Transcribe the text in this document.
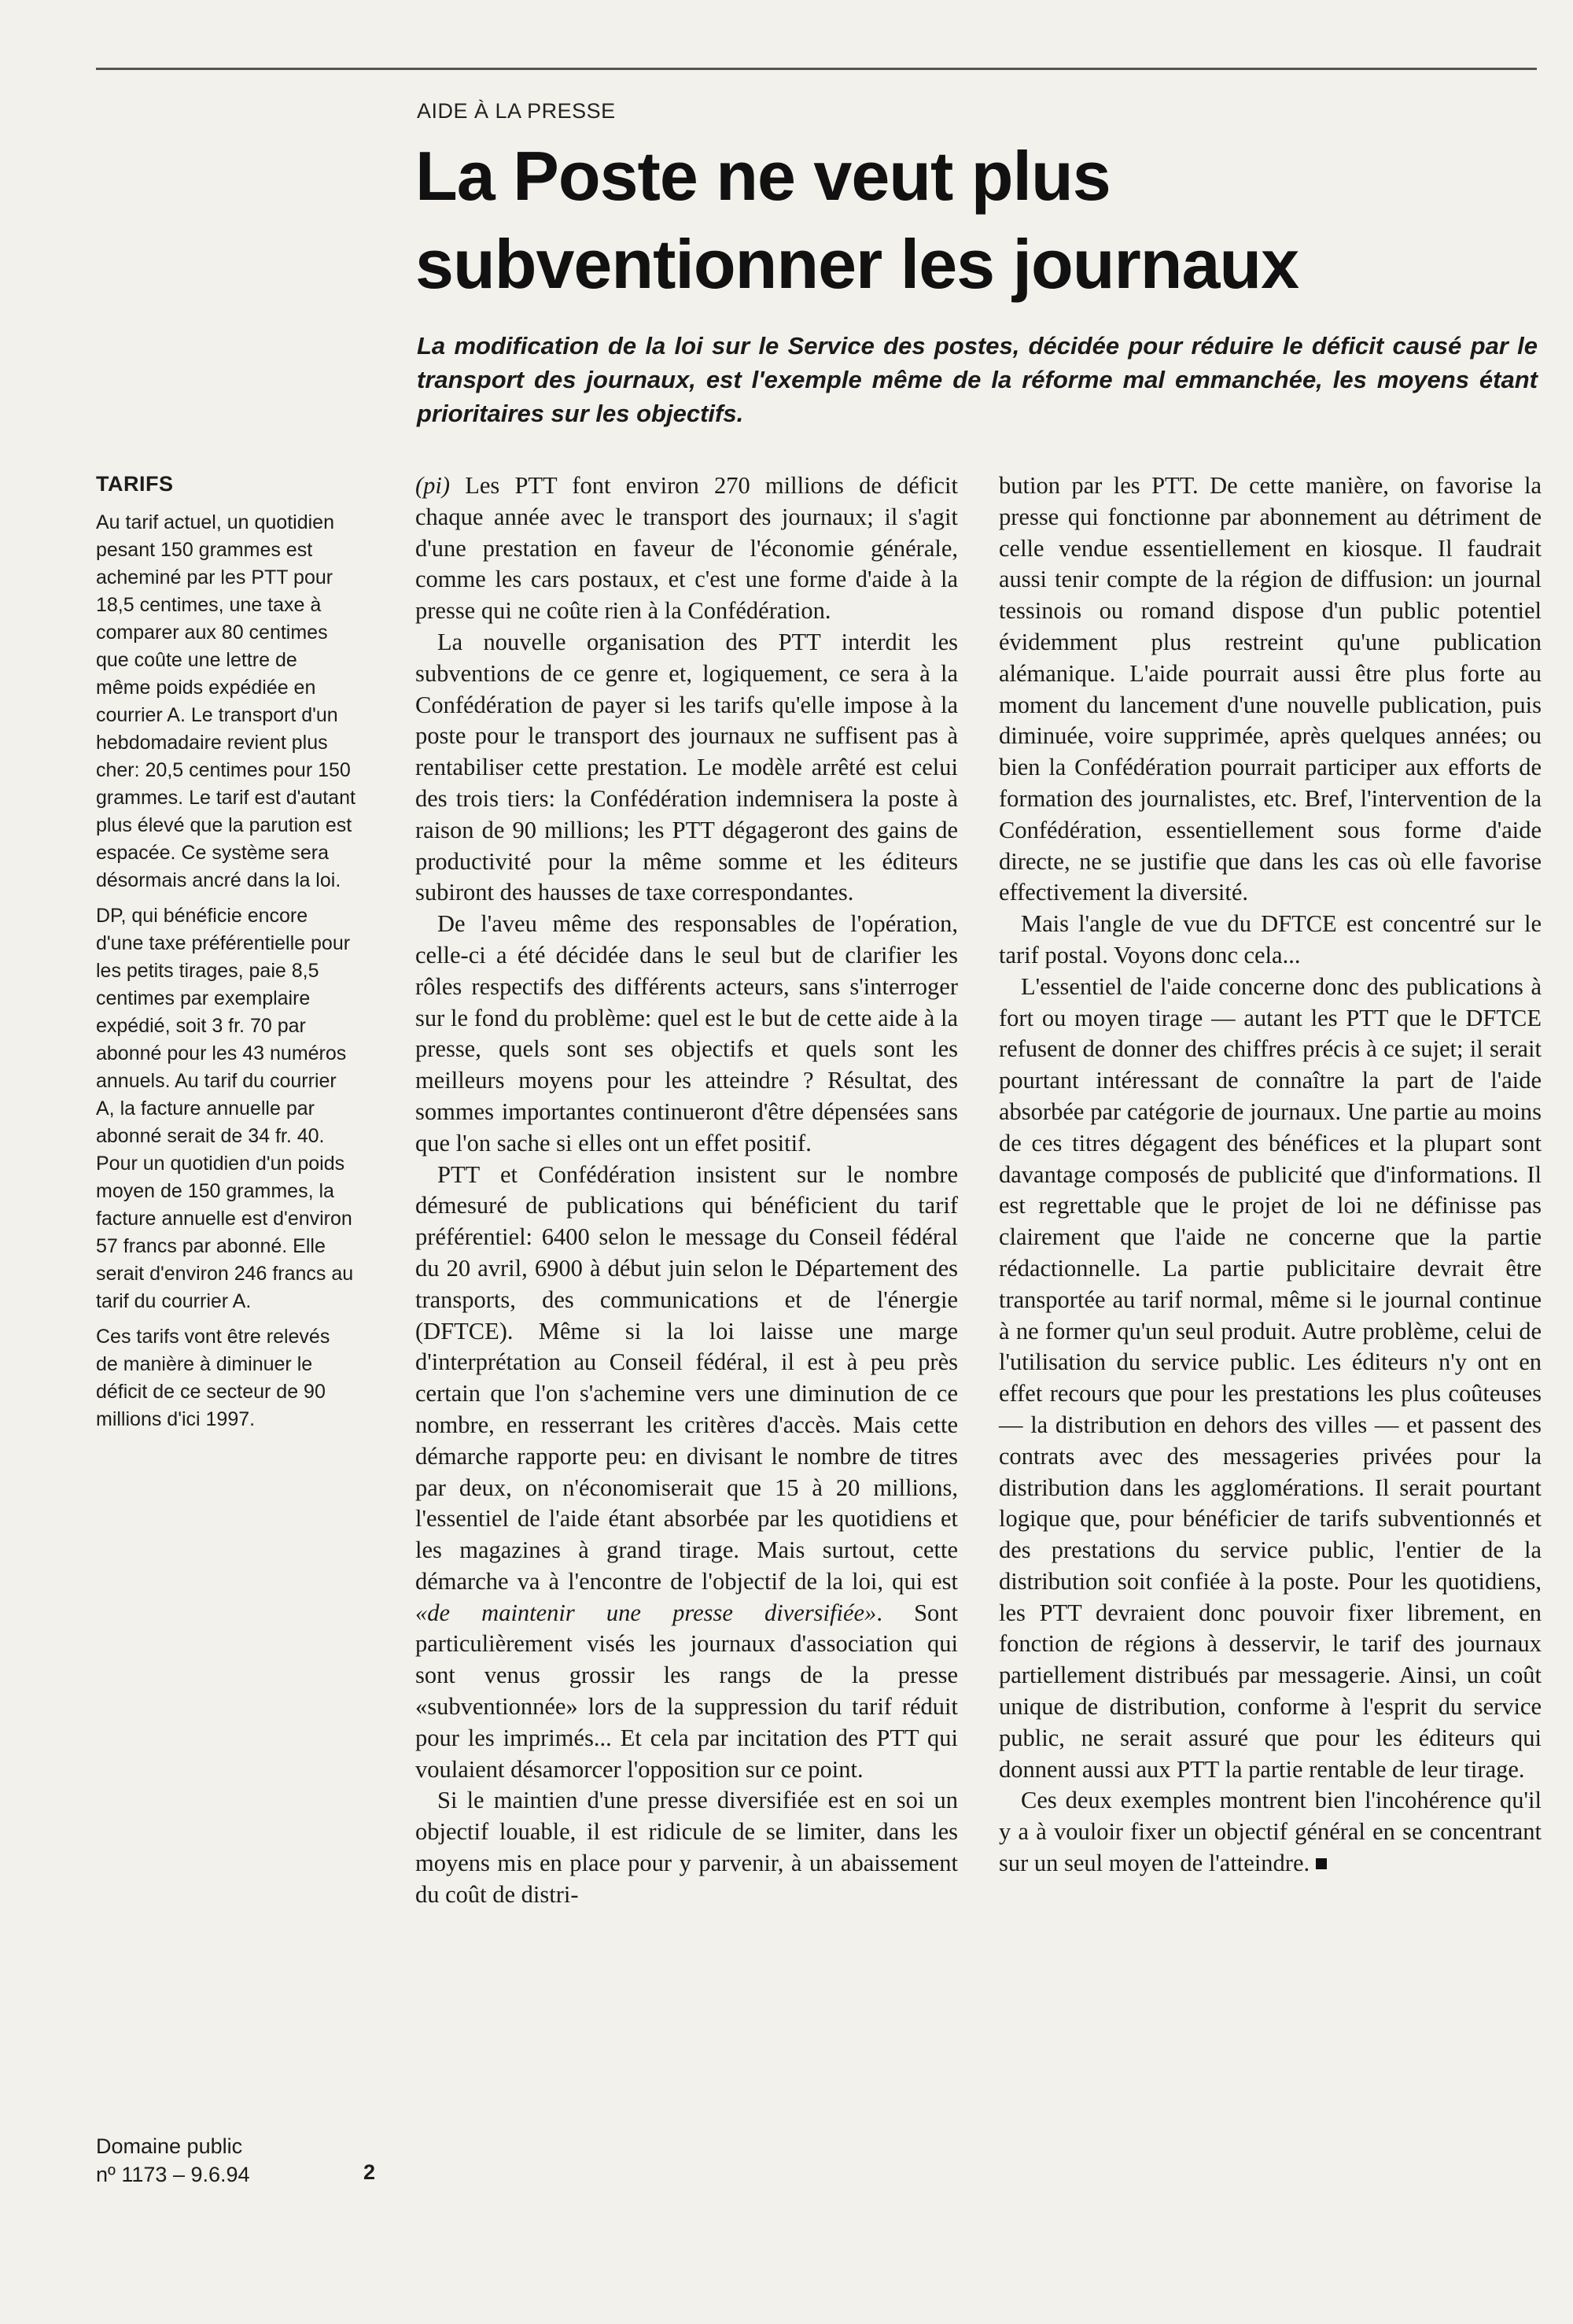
AIDE À LA PRESSE
La Poste ne veut plus
subventionner les journaux

La modification de la loi sur le Service des postes, décidée pour réduire le déficit causé par le transport des journaux, est l'exemple même de la réforme mal emmanchée, les moyens étant prioritaires sur les objectifs.

TARIFS

Au tarif actuel, un quotidien pesant 150 grammes est acheminé par les PTT pour 18,5 centimes, une taxe à comparer aux 80 centimes que coûte une lettre de même poids expédiée en courrier A. Le transport d'un hebdomadaire revient plus cher: 20,5 centimes pour 150 grammes. Le tarif est d'autant plus élevé que la parution est espacée. Ce système sera désormais ancré dans la loi.

DP, qui bénéficie encore d'une taxe préférentielle pour les petits tirages, paie 8,5 centimes par exemplaire expédié, soit 3 fr. 70 par abonné pour les 43 numéros annuels. Au tarif du courrier A, la facture annuelle par abonné serait de 34 fr. 40. Pour un quotidien d'un poids moyen de 150 grammes, la facture annuelle est d'environ 57 francs par abonné. Elle serait d'environ 246 francs au tarif du courrier A.

Ces tarifs vont être relevés de manière à diminuer le déficit de ce secteur de 90 millions d'ici 1997.

(pi) Les PTT font environ 270 millions de déficit chaque année avec le transport des journaux; il s'agit d'une prestation en faveur de l'économie générale, comme les cars postaux, et c'est une forme d'aide à la presse qui ne coûte rien à la Confédération.

La nouvelle organisation des PTT interdit les subventions de ce genre et, logiquement, ce sera à la Confédération de payer si les tarifs qu'elle impose à la poste pour le transport des journaux ne suffisent pas à rentabiliser cette prestation. Le modèle arrêté est celui des trois tiers: la Confédération indemnisera la poste à raison de 90 millions; les PTT dégageront des gains de productivité pour la même somme et les éditeurs subiront des hausses de taxe correspondantes.

De l'aveu même des responsables de l'opération, celle-ci a été décidée dans le seul but de clarifier les rôles respectifs des différents acteurs, sans s'interroger sur le fond du problème: quel est le but de cette aide à la presse, quels sont ses objectifs et quels sont les meilleurs moyens pour les atteindre ? Résultat, des sommes importantes continueront d'être dépensées sans que l'on sache si elles ont un effet positif.

PTT et Confédération insistent sur le nombre démesuré de publications qui bénéficient du tarif préférentiel: 6400 selon le message du Conseil fédéral du 20 avril, 6900 à début juin selon le Département des transports, des communications et de l'énergie (DFTCE). Même si la loi laisse une marge d'interprétation au Conseil fédéral, il est à peu près certain que l'on s'achemine vers une diminution de ce nombre, en resserrant les critères d'accès. Mais cette démarche rapporte peu: en divisant le nombre de titres par deux, on n'économiserait que 15 à 20 millions, l'essentiel de l'aide étant absorbée par les quotidiens et les magazines à grand tirage. Mais surtout, cette démarche va à l'encontre de l'objectif de la loi, qui est «de maintenir une presse diversifiée». Sont particulièrement visés les journaux d'association qui sont venus grossir les rangs de la presse «subventionnée» lors de la suppression du tarif réduit pour les imprimés... Et cela par incitation des PTT qui voulaient désamorcer l'opposition sur ce point.

Si le maintien d'une presse diversifiée est en soi un objectif louable, il est ridicule de se limiter, dans les moyens mis en place pour y parvenir, à un abaissement du coût de distri-

bution par les PTT. De cette manière, on favorise la presse qui fonctionne par abonnement au détriment de celle vendue essentiellement en kiosque. Il faudrait aussi tenir compte de la région de diffusion: un journal tessinois ou romand dispose d'un public potentiel évidemment plus restreint qu'une publication alémanique. L'aide pourrait aussi être plus forte au moment du lancement d'une nouvelle publication, puis diminuée, voire supprimée, après quelques années; ou bien la Confédération pourrait participer aux efforts de formation des journalistes, etc. Bref, l'intervention de la Confédération, essentiellement sous forme d'aide directe, ne se justifie que dans les cas où elle favorise effectivement la diversité.

Mais l'angle de vue du DFTCE est concentré sur le tarif postal. Voyons donc cela...

L'essentiel de l'aide concerne donc des publications à fort ou moyen tirage — autant les PTT que le DFTCE refusent de donner des chiffres précis à ce sujet; il serait pourtant intéressant de connaître la part de l'aide absorbée par catégorie de journaux. Une partie au moins de ces titres dégagent des bénéfices et la plupart sont davantage composés de publicité que d'informations. Il est regrettable que le projet de loi ne définisse pas clairement que l'aide ne concerne que la partie rédactionnelle. La partie publicitaire devrait être transportée au tarif normal, même si le journal continue à ne former qu'un seul produit. Autre problème, celui de l'utilisation du service public. Les éditeurs n'y ont en effet recours que pour les prestations les plus coûteuses — la distribution en dehors des villes — et passent des contrats avec des messageries privées pour la distribution dans les agglomérations. Il serait pourtant logique que, pour bénéficier de tarifs subventionnés et des prestations du service public, l'entier de la distribution soit confiée à la poste. Pour les quotidiens, les PTT devraient donc pouvoir fixer librement, en fonction de régions à desservir, le tarif des journaux partiellement distribués par messagerie. Ainsi, un coût unique de distribution, conforme à l'esprit du service public, ne serait assuré que pour les éditeurs qui donnent aussi aux PTT la partie rentable de leur tirage.

Ces deux exemples montrent bien l'incohérence qu'il y a à vouloir fixer un objectif général en se concentrant sur un seul moyen de l'atteindre.

Domaine public
nº 1173 – 9.6.94	2
